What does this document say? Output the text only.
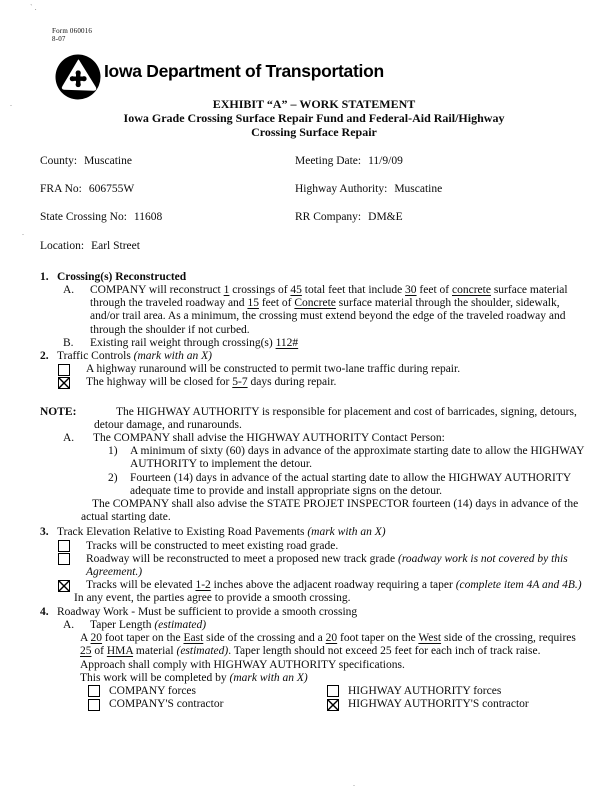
` .
.
.
.
Form 060016
8-07
Iowa Department of Transportation
EXHIBIT “A” – WORK STATEMENT
Iowa Grade Crossing Surface Repair Fund and Federal-Aid Rail/Highway
Crossing Surface Repair
County: Muscatine	Meeting Date: 11/9/09
FRA No: 606755W	Highway Authority: Muscatine
State Crossing No: 11608	RR Company: DM&E
Location: Earl Street
1. Crossing(s) Reconstructed
A.	COMPANY will reconstruct 1 crossings of 45 total feet that include 30 feet of concrete surface material through the traveled roadway and 15 feet of Concrete surface material through the shoulder, sidewalk, and/or trail area. As a minimum, the crossing must extend beyond the edge of the traveled roadway and through the shoulder if not curbed.
B.	Existing rail weight through crossing(s) 112#
2. Traffic Controls (mark with an X)
A highway runaround will be constructed to permit two-lane traffic during repair.
The highway will be closed for 5-7 days during repair.
NOTE:	The HIGHWAY AUTHORITY is responsible for placement and cost of barricades, signing, detours, detour damage, and runarounds.
A.	The COMPANY shall advise the HIGHWAY AUTHORITY Contact Person:
1)	A minimum of sixty (60) days in advance of the approximate starting date to allow the HIGHWAY AUTHORITY to implement the detour.
2)	Fourteen (14) days in advance of the actual starting date to allow the HIGHWAY AUTHORITY adequate time to provide and install appropriate signs on the detour.
The COMPANY shall also advise the STATE PROJET INSPECTOR fourteen (14) days in advance of the actual starting date.
3. Track Elevation Relative to Existing Road Pavements (mark with an X)
Tracks will be constructed to meet existing road grade.
Roadway will be reconstructed to meet a proposed new track grade (roadway work is not covered by this Agreement.)
Tracks will be elevated 1-2 inches above the adjacent roadway requiring a taper (complete item 4A and 4B.)
In any event, the parties agree to provide a smooth crossing.
4. Roadway Work - Must be sufficient to provide a smooth crossing
A.	Taper Length (estimated)
A 20 foot taper on the East side of the crossing and a 20 foot taper on the West side of the crossing, requires 25 of HMA material (estimated). Taper length should not exceed 25 feet for each inch of track raise. Approach shall comply with HIGHWAY AUTHORITY specifications.
This work will be completed by (mark with an X)
COMPANY forces	HIGHWAY AUTHORITY forces
COMPANY'S contractor	HIGHWAY AUTHORITY'S contractor
